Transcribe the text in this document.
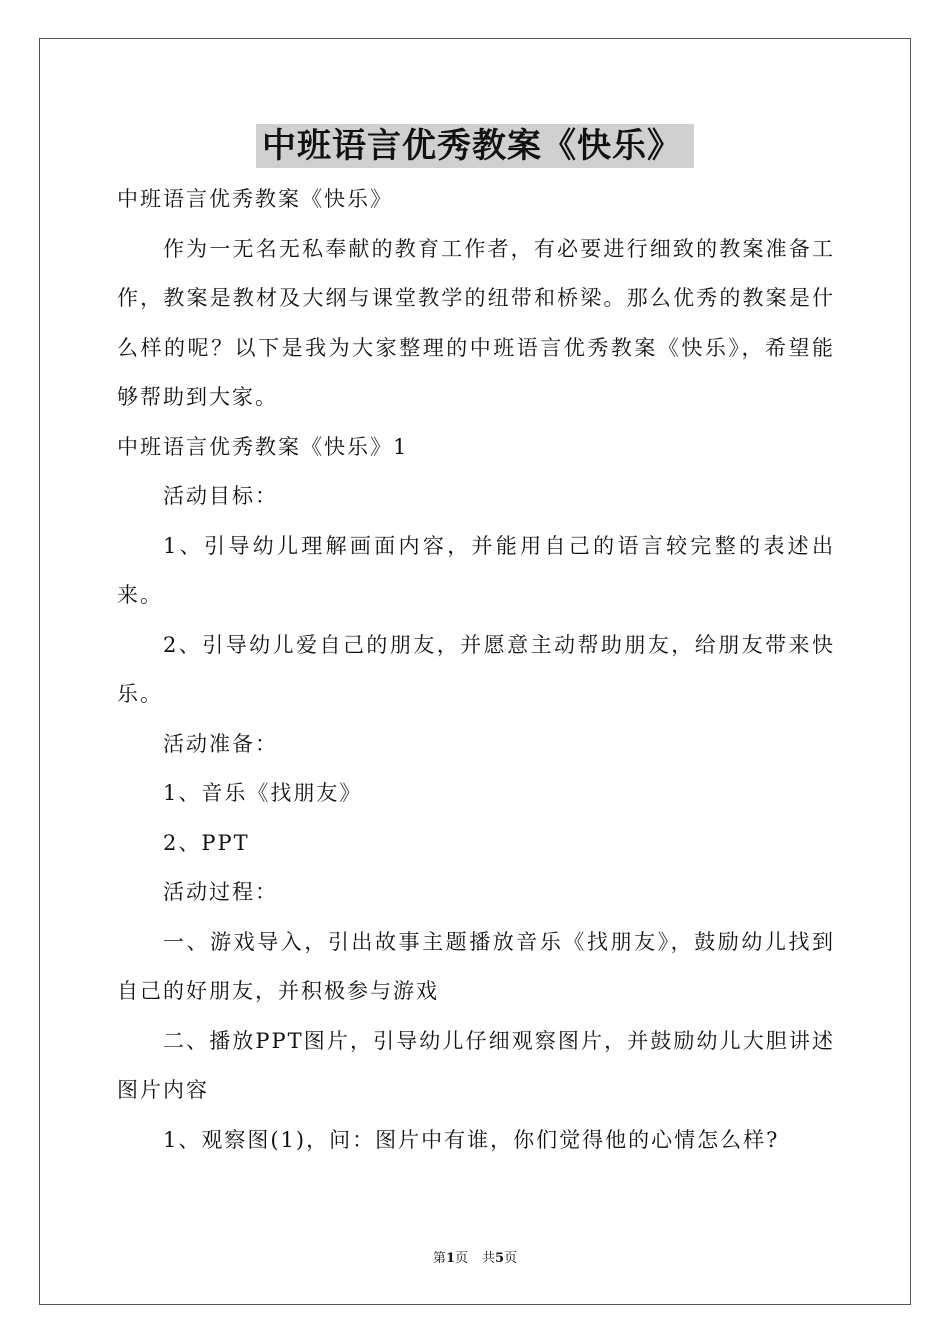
中班语言优秀教案《快乐》

中班语言优秀教案《快乐》

作为一无名无私奉献的教育工作者，有必要进行细致的教案准备工作，教案是教材及大纲与课堂教学的纽带和桥梁。那么优秀的教案是什么样的呢？以下是我为大家整理的中班语言优秀教案《快乐》，希望能够帮助到大家。

中班语言优秀教案《快乐》1

活动目标：

1、引导幼儿理解画面内容，并能用自己的语言较完整的表述出来。

2、引导幼儿爱自己的朋友，并愿意主动帮助朋友，给朋友带来快乐。

活动准备：

1、音乐《找朋友》

2、PPT

活动过程：

一、游戏导入，引出故事主题播放音乐《找朋友》，鼓励幼儿找到自己的好朋友，并积极参与游戏

二、播放PPT图片，引导幼儿仔细观察图片，并鼓励幼儿大胆讲述图片内容

1、观察图(1)，问：图片中有谁，你们觉得他的心情怎么样?

第1页 共5页
